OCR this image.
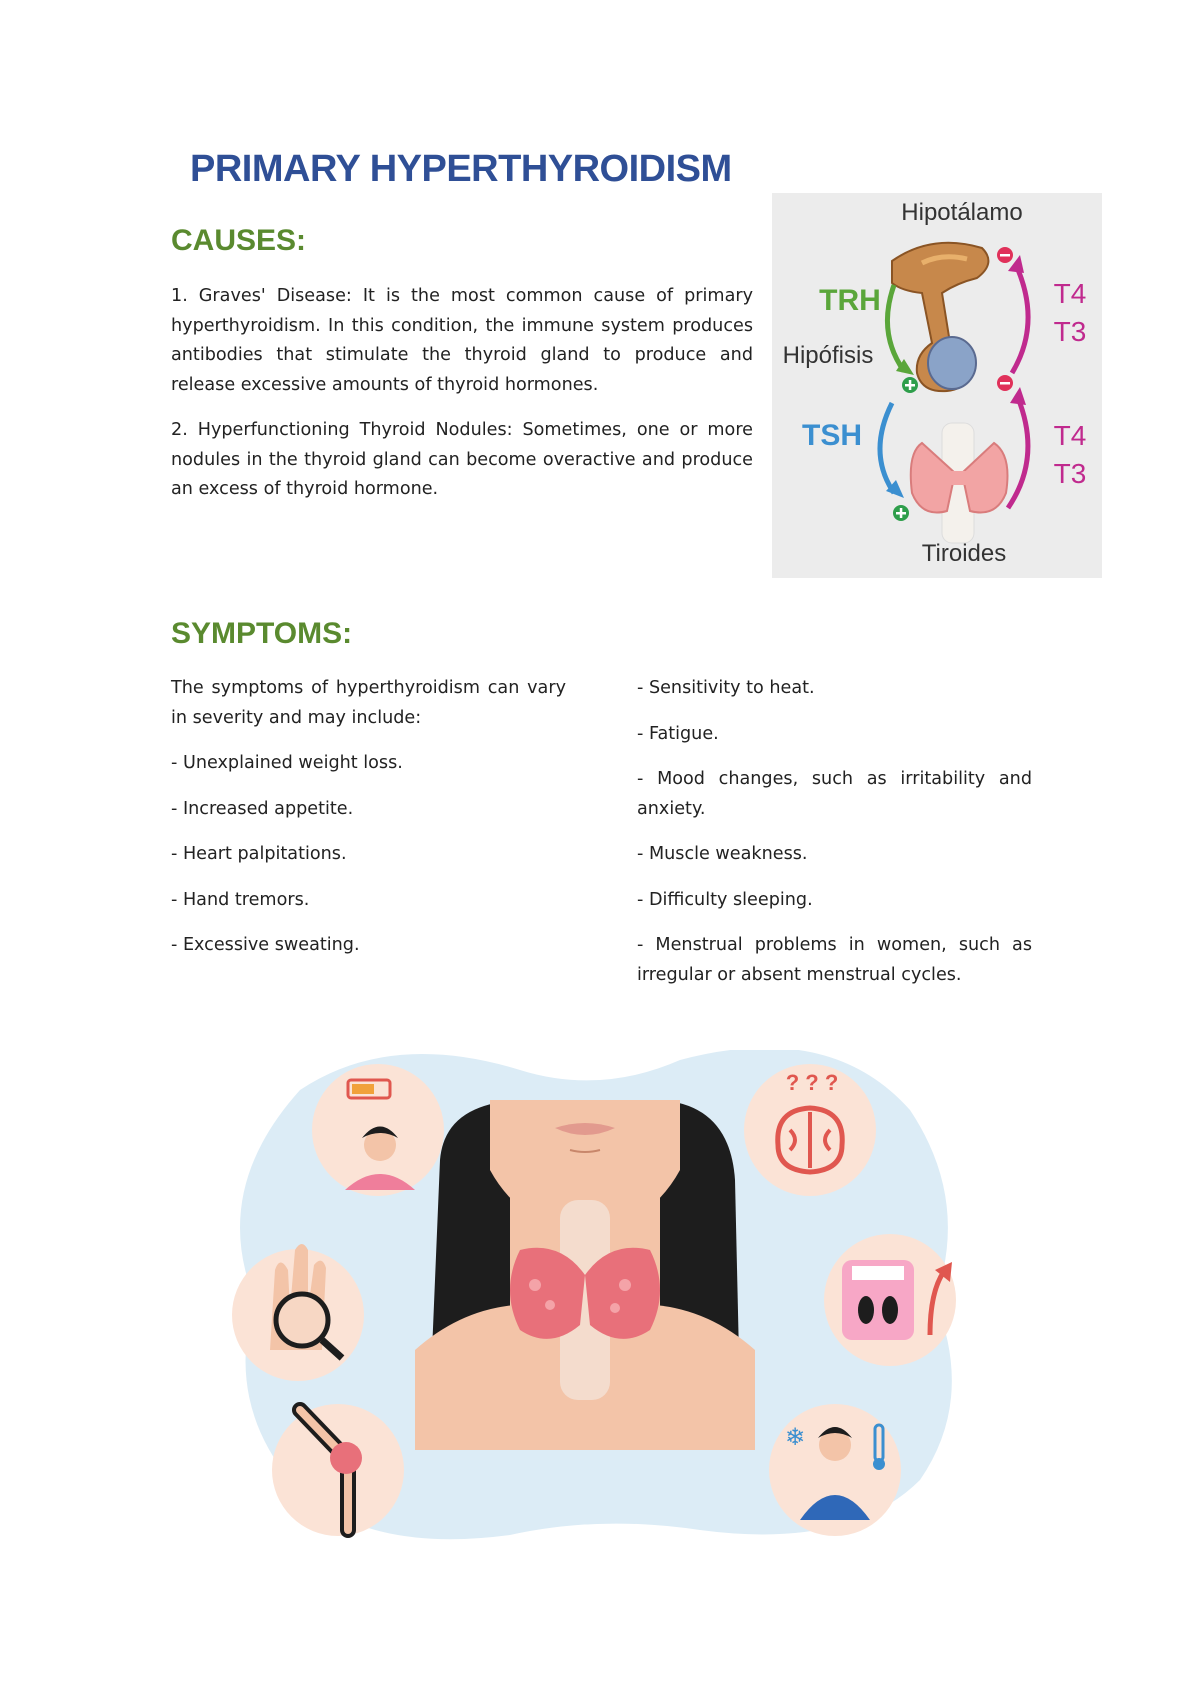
PRIMARY HYPERTHYROIDISM
CAUSES:

1. Graves' Disease: It is the most common cause of primary hyperthyroidism. In this condition, the immune system produces antibodies that stimulate the thyroid gland to produce and release excessive amounts of thyroid hormones.

2. Hyperfunctioning Thyroid Nodules: Sometimes, one or more nodules in the thyroid gland can become overactive and produce an excess of thyroid hormone.

Hipotálamo
TRH
Hipófisis
TSH
T4
T3
T4
T3
Tiroides
SYMPTOMS:

The symptoms of hyperthyroidism can vary in severity and may include:

- Unexplained weight loss.

- Increased appetite.

- Heart palpitations.

- Hand tremors.

- Excessive sweating.

- Sensitivity to heat.

- Fatigue.

- Mood changes, such as irritability and anxiety.

- Muscle weakness.

- Difficulty sleeping.

- Menstrual problems in women, such as irregular or absent menstrual cycles.

? ? ?
❄
